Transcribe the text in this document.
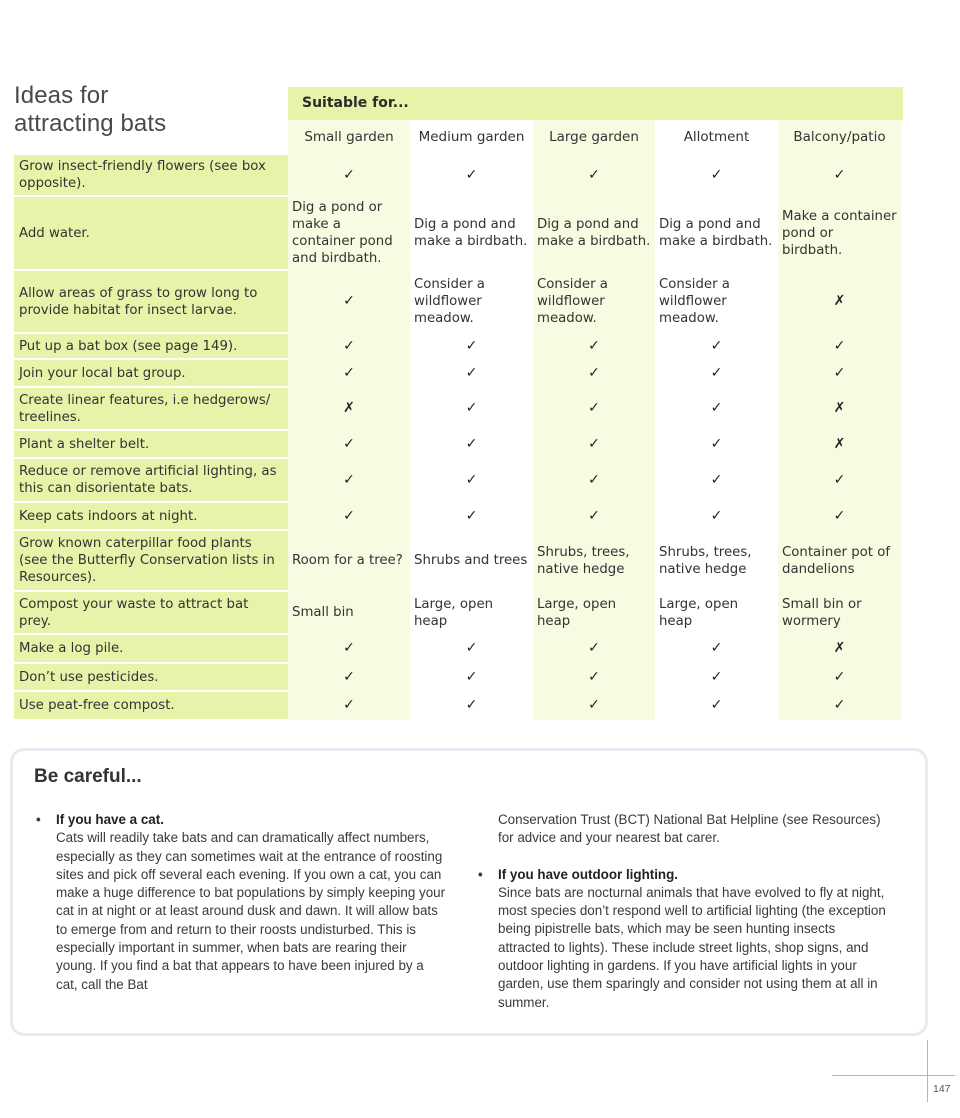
Ideas for
attracting bats
Suitable for...
	Small garden	Medium garden	Large garden	Allotment	Balcony/patio
Grow insect-friendly flowers (see box opposite).	✓	✓	✓	✓	✓
Add water.	Dig a pond or make a container pond and birdbath.	Dig a pond and make a birdbath.	Dig a pond and make a birdbath.	Dig a pond and make a birdbath.	Make a container pond or birdbath.
Allow areas of grass to grow long to provide habitat for insect larvae.	✓	Consider a wildflower meadow.	Consider a wildflower meadow.	Consider a wildflower meadow.	✗
Put up a bat box (see page 149).	✓	✓	✓	✓	✓
Join your local bat group.	✓	✓	✓	✓	✓
Create linear features, i.e hedgerows/ treelines.	✗	✓	✓	✓	✗
Plant a shelter belt.	✓	✓	✓	✓	✗
Reduce or remove artificial lighting, as this can disorientate bats.	✓	✓	✓	✓	✓
Keep cats indoors at night.	✓	✓	✓	✓	✓
Grow known caterpillar food plants (see the Butterfly Conservation lists in Resources).	Room for a tree?	Shrubs and trees	Shrubs, trees, native hedge	Shrubs, trees, native hedge	Container pot of dandelions
Compost your waste to attract bat prey.	Small bin	Large, open heap	Large, open heap	Large, open heap	Small bin or wormery
Make a log pile.	✓	✓	✓	✓	✗
Don’t use pesticides.	✓	✓	✓	✓	✓
Use peat-free compost.	✓	✓	✓	✓	✓
Be careful...
• If you have a cat.
Cats will readily take bats and can dramatically affect numbers, especially as they can sometimes wait at the entrance of roosting sites and pick off several each evening. If you own a cat, you can make a huge difference to bat populations by simply keeping your cat in at night or at least around dusk and dawn. It will allow bats to emerge from and return to their roosts undisturbed. This is especially important in summer, when bats are rearing their young. If you find a bat that appears to have been injured by a cat, call the Bat
Conservation Trust (BCT) National Bat Helpline (see Resources) for advice and your nearest bat carer.
• If you have outdoor lighting.
Since bats are nocturnal animals that have evolved to fly at night, most species don’t respond well to artificial lighting (the exception being pipistrelle bats, which may be seen hunting insects attracted to lights). These include street lights, shop signs, and outdoor lighting in gardens. If you have artificial lights in your garden, use them sparingly and consider not using them at all in summer.
147
